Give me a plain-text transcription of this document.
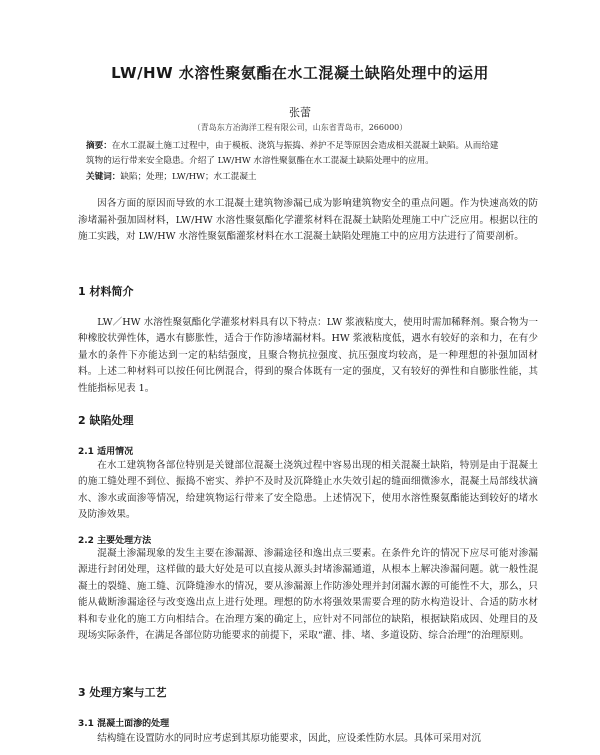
LW/HW 水溶性聚氨酯在水工混凝土缺陷处理中的运用
张蕾
（青岛东方冶海洋工程有限公司，山东省青岛市，266000）
摘要：在水工混凝土施工过程中，由于模板、浇筑与振捣、养护不足等原因会造成相关混凝土缺陷。从而给建筑物的运行带来安全隐患。介绍了 LW/HW 水溶性聚氨酯在水工混凝土缺陷处理中的应用。
关键词：缺陷；处理；LW/HW；水工混凝土

因各方面的原因而导致的水工混凝土建筑物渗漏已成为影响建筑物安全的重点问题。作为快速高效的防渗堵漏补强加固材料，LW/HW 水溶性聚氨酯化学灌浆材料在混凝土缺陷处理施工中广泛应用。根据以往的施工实践，对 LW/HW 水溶性聚氨酯灌浆材料在水工混凝土缺陷处理施工中的应用方法进行了简要剖析。

1 材料简介

LW／HW 水溶性聚氨酯化学灌浆材料具有以下特点：LW 浆液粘度大，使用时需加稀释剂。聚合物为一种橡胶状弹性体，遇水有膨胀性，适合于作防渗堵漏材料。HW 浆液粘度低，遇水有较好的亲和力，在有少量水的条件下亦能达到一定的粘结强度，且聚合物抗拉强度、抗压强度均较高，是一种理想的补强加固材料。上述二种材料可以按任何比例混合，得到的聚合体既有一定的强度，又有较好的弹性和自膨胀性能，其性能指标见表 1。

2 缺陷处理
2.1 适用情况

在水工建筑物各部位特别是关键部位混凝土浇筑过程中容易出现的相关混凝土缺陷，特别是由于混凝土的施工缝处理不到位、振捣不密实、养护不及时及沉降缝止水失效引起的缝面细微渗水，混凝土局部线状滴水、渗水或面渗等情况，给建筑物运行带来了安全隐患。上述情况下，使用水溶性聚氨酯能达到较好的堵水及防渗效果。

2.2 主要处理方法

混凝土渗漏现象的发生主要在渗漏源、渗漏途径和逸出点三要素。在条件允许的情况下应尽可能对渗漏源进行封闭处理，这样做的最大好处是可以直接从源头封堵渗漏通道，从根本上解决渗漏问题。就一般性混凝土的裂缝、施工缝、沉降缝渗水的情况，要从渗漏源上作防渗处理并封闭漏水源的可能性不大，那么，只能从截断渗漏途径与改变逸出点上进行处理。理想的防水将强效果需要合理的防水构造设计、合适的防水材料和专业化的施工方向相结合。在治理方案的确定上，应针对不同部位的缺陷，根据缺陷成因、处理目的及现场实际条件，在满足各部位防功能要求的前提下，采取“灌、排、堵、多道设防、综合治理”的治理原则。

3 处理方案与工艺
3.1 混凝土面渗的处理

结构缝在设置防水的同时应考虑到其原功能要求，因此，应设柔性防水层。具体可采用对沉
